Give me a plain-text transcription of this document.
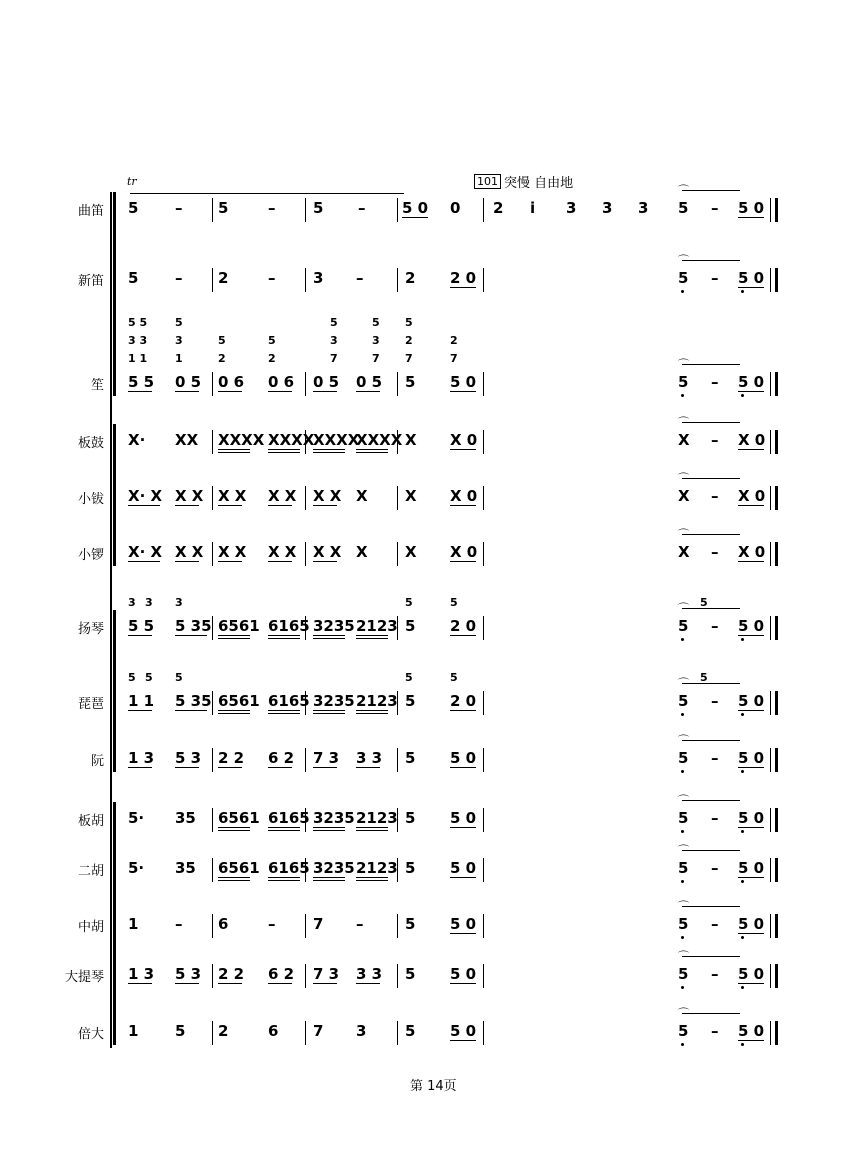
tr	101 突慢 自由地
曲笛
新笛
笙
板鼓
小钹
小锣
扬琴
琵琶
阮
板胡
二胡
中胡
大提琴
倍大
5 – 5	–	5 – 5 0 0	5 – 5 0
⌒
5 – 2	–	3 –	2 2 0	5 – 5 0
⌒
5 5 0 5 0 6 0 6 0 5 0 5 5 5 0	5 – 5 0
⌒
5 5	5	5	5 5
3 3	3	5	5	3	3 2	2
1 1	1	2	2	7	7 7	7
X· XX XXXX XXXX
XXXX
XXXX X X 0	X – X 0
⌒
X· X X X X X X X X X X X X 0	X – X 0
⌒
X· X X X X X X X X X X X X 0	X – X 0
⌒
5 5 5 35 6561 6165 3235 2123 5 2 0	5 – 5 0
⌒
3 3 3	5	5	5
1 1 5 35 6561 6165 3235 2123 5 2 0	5 – 5 0
⌒
5 5 5	5	5	5
1 3 5 3 2 2 6 2 7 3 3 3 5 5 0	5 – 5 0
⌒
5· 35 6561 6165 3235 2123 5 5 0	5 – 5 0
⌒
5· 35 6561 6165 3235 2123 5 5 0	5 – 5 0
⌒
1 – 6	–	7 –	5 5 0	5 – 5 0
⌒
1 3 5 3 2 2 6 2 7 3 3 3 5 5 0	5 – 5 0
⌒
1 5 2	6 7 3	5 5 0	5 – 5 0
⌒
2 i 3 3 3
第 14页
